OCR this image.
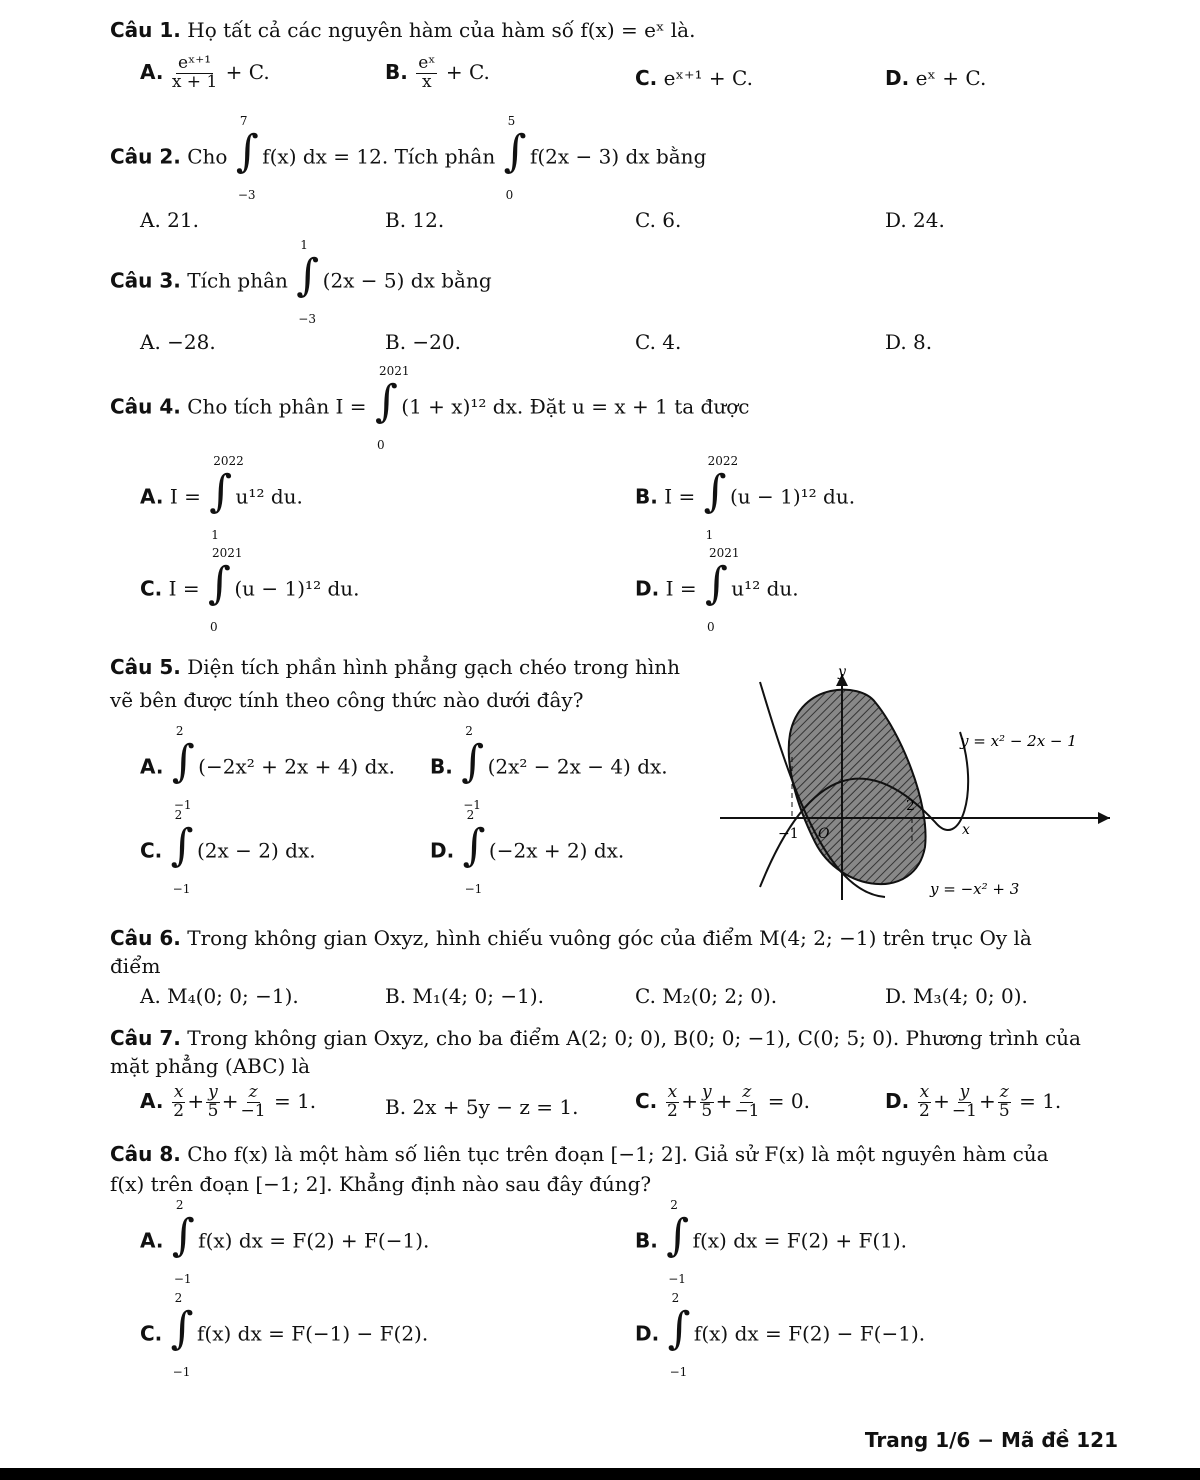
Câu 1. Họ tất cả các nguyên hàm của hàm số f(x) = eˣ là.
A. $\frac{\text{eˣ⁺¹}}{x + 1} + C$.	B. $\frac{\text{eˣ}}{x} + C$.	C. eˣ⁺¹ + C.	D. eˣ + C.
Câu 2. Cho ∫
7
−3
f(x) dx = 12. Tích phân ∫
5
0
f(2x − 3) dx bằng
A. 21.	B. 12.	C. 6.	D. 24.
Câu 3. Tích phân ∫
1
−3
(2x − 5) dx bằng
A. −28.	B. −20.	C. 4.	D. 8.
Câu 4. Cho tích phân I = ∫
2021
0
(1 + x)¹² dx. Đặt u = x + 1 ta được
A. I = ∫
2022
1
u¹² du.	B. I = ∫
2022
1
(u − 1)¹² du.
C. I = ∫
2021
0
(u − 1)¹² du.	D. I = ∫
2021
0
u¹² du.
Câu 5. Diện tích phần hình phẳng gạch chéo trong hình
vẽ bên được tính theo công thức nào dưới đây?
A. ∫
2
−1
(−2x² + 2x + 4) dx. B. ∫
2
−1
(2x² − 2x − 4) dx.
C. ∫
2
−1
(2x − 2) dx.	D. ∫
2
−1
(−2x + 2) dx.
y
x
y = x² − 2x − 1
y = −x² + 3
−1 O
2
Câu 6. Trong không gian Oxyz, hình chiếu vuông góc của điểm M(4; 2; −1) trên trục Oy là
điểm
A. M₄(0; 0; −1).	B. M₁(4; 0; −1).	C. M₂(0; 2; 0).	D. M₃(4; 0; 0).
Câu 7. Trong không gian Oxyz, cho ba điểm A(2; 0; 0), B(0; 0; −1), C(0; 5; 0). Phương trình của
mặt phẳng (ABC) là
A. $\frac{x}{2} + \frac{y}{5} + \frac{z}{-1} = 1$.	B. 2x + 5y − z = 1.	C. $\frac{x}{2} + \frac{y}{5} + \frac{z}{-1} = 0$.	D. $\frac{x}{2} + \frac{y}{-1} + \frac{z}{5} = 1$.
Câu 8. Cho f(x) là một hàm số liên tục trên đoạn [−1; 2]. Giả sử F(x) là một nguyên hàm của
f(x) trên đoạn [−1; 2]. Khẳng định nào sau đây đúng?
A. ∫
2
−1
f(x) dx = F(2) + F(−1).	B. ∫
2
−1
f(x) dx = F(2) + F(1).
C. ∫
2
−1
f(x) dx = F(−1) − F(2).	D. ∫
2
−1
f(x) dx = F(2) − F(−1).
Trang 1/6 − Mã đề 121
